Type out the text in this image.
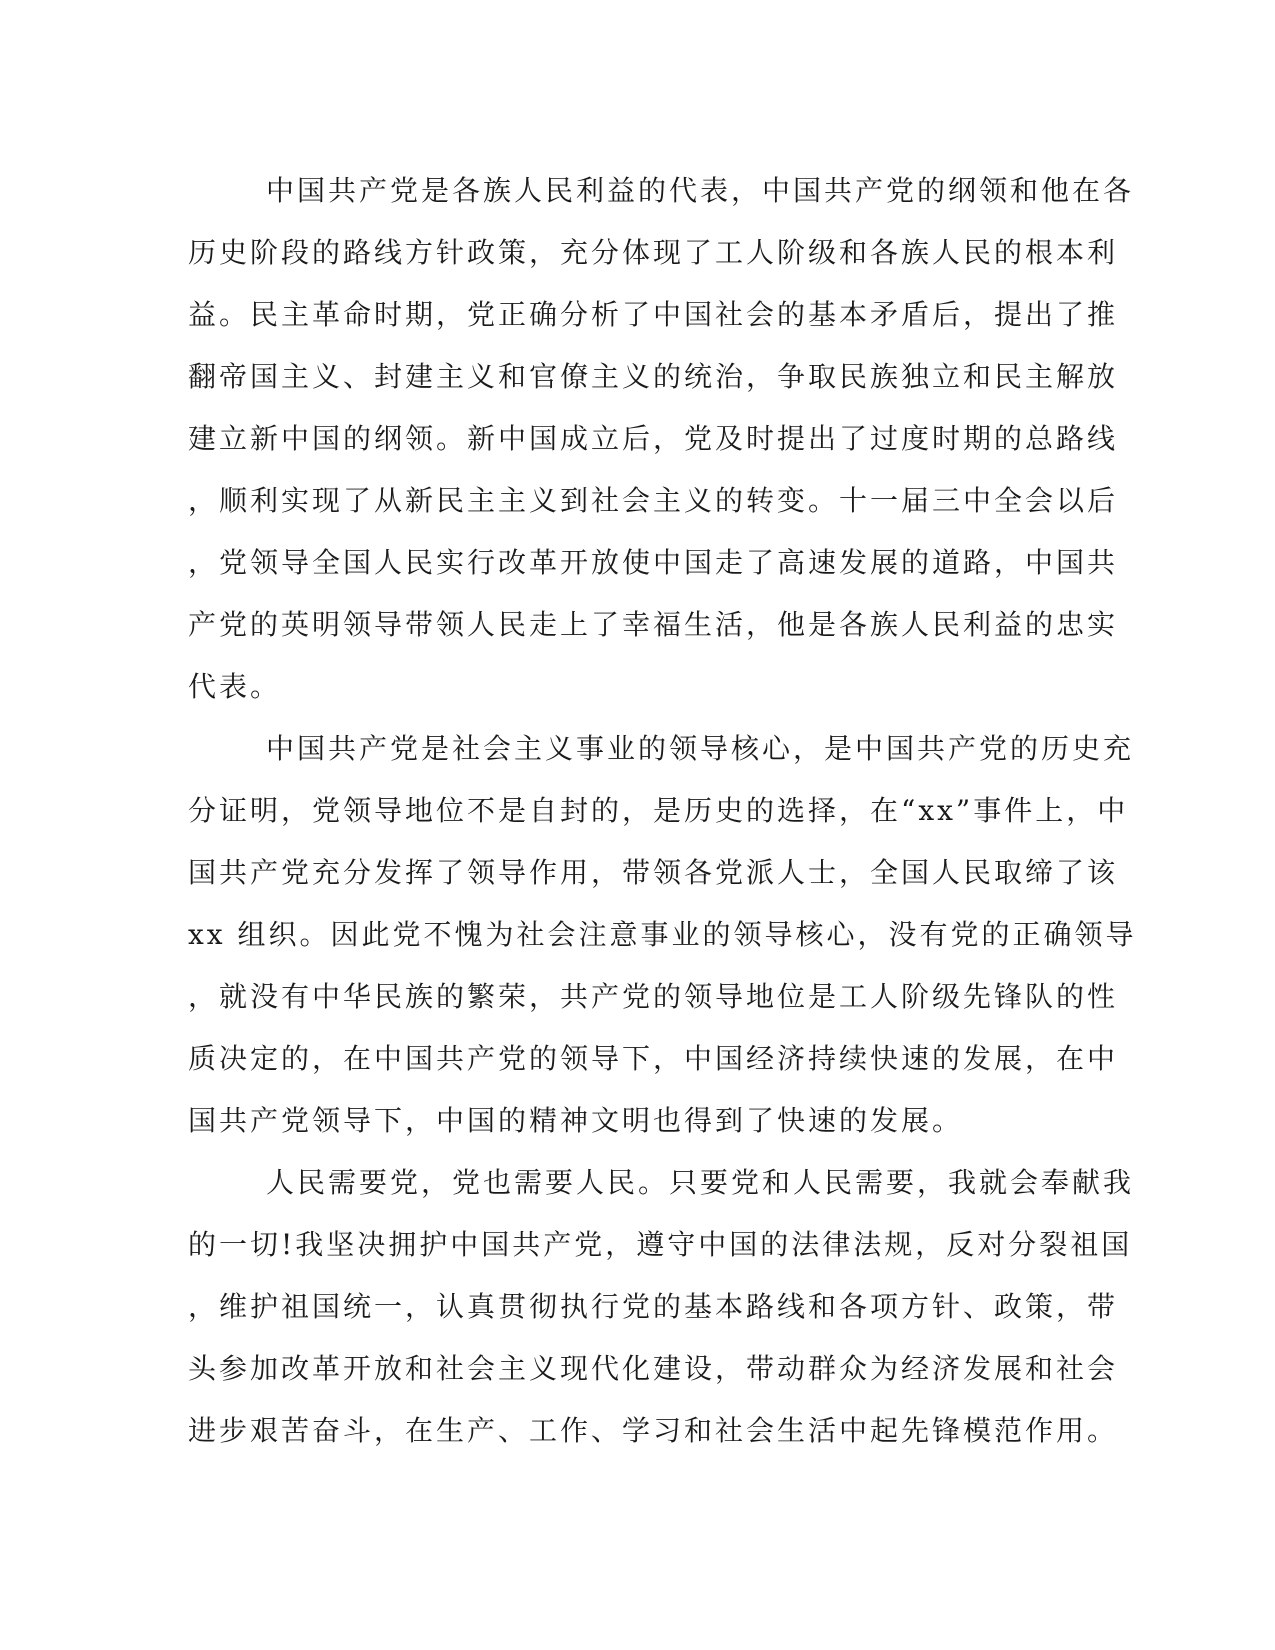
中国共产党是各族人民利益的代表，中国共产党的纲领和他在各
历史阶段的路线方针政策，充分体现了工人阶级和各族人民的根本利
益。民主革命时期，党正确分析了中国社会的基本矛盾后，提出了推
翻帝国主义、封建主义和官僚主义的统治，争取民族独立和民主解放
建立新中国的纲领。新中国成立后，党及时提出了过度时期的总路线
，顺利实现了从新民主主义到社会主义的转变。十一届三中全会以后
，党领导全国人民实行改革开放使中国走了高速发展的道路，中国共
产党的英明领导带领人民走上了幸福生活，他是各族人民利益的忠实
代表。
中国共产党是社会主义事业的领导核心，是中国共产党的历史充
分证明，党领导地位不是自封的，是历史的选择，在“xx”事件上，中
国共产党充分发挥了领导作用，带领各党派人士，全国人民取缔了该
xx 组织。因此党不愧为社会注意事业的领导核心，没有党的正确领导
，就没有中华民族的繁荣，共产党的领导地位是工人阶级先锋队的性
质决定的，在中国共产党的领导下，中国经济持续快速的发展，在中
国共产党领导下，中国的精神文明也得到了快速的发展。
人民需要党，党也需要人民。只要党和人民需要，我就会奉献我
的一切!我坚决拥护中国共产党，遵守中国的法律法规，反对分裂祖国
，维护祖国统一，认真贯彻执行党的基本路线和各项方针、政策，带
头参加改革开放和社会主义现代化建设，带动群众为经济发展和社会
进步艰苦奋斗，在生产、工作、学习和社会生活中起先锋模范作用。
